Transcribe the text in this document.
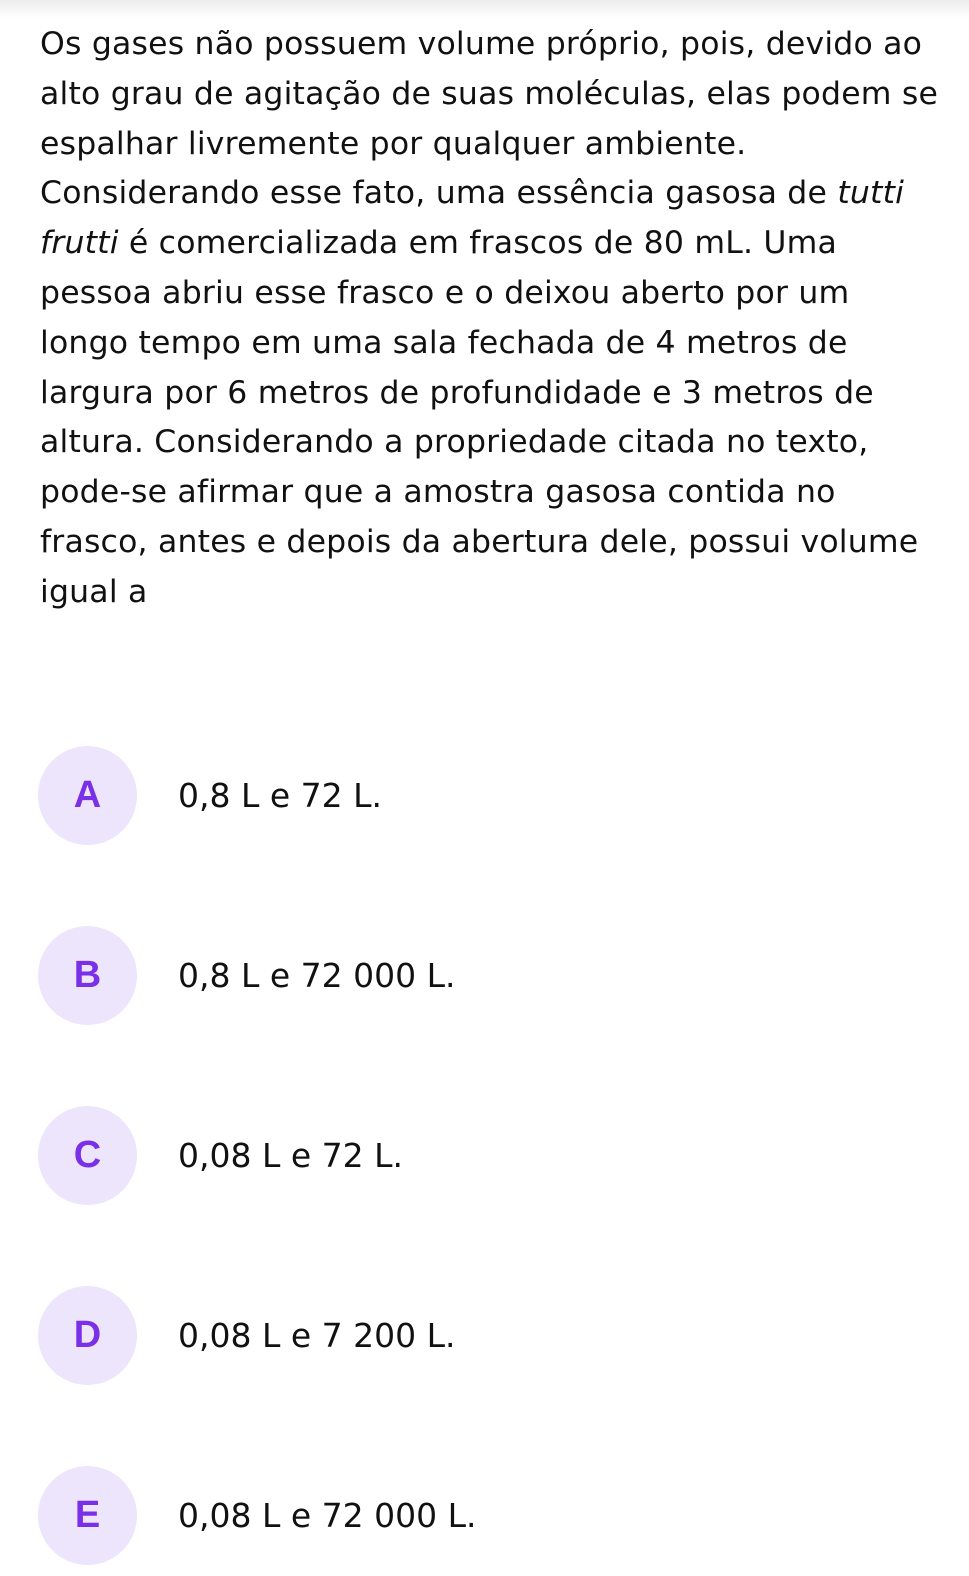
Os gases não possuem volume próprio, pois, devido ao alto grau de agitação de suas moléculas, elas podem se espalhar livremente por qualquer ambiente. Considerando esse fato, uma essência gasosa de tutti frutti é comercializada em frascos de 80 mL. Uma pessoa abriu esse frasco e o deixou aberto por um longo tempo em uma sala fechada de 4 metros de largura por 6 metros de profundidade e 3 metros de altura. Considerando a propriedade citada no texto, pode-se afirmar que a amostra gasosa contida no frasco, antes e depois da abertura dele, possui volume igual a
A	0,8 L e 72 L.
B	0,8 L e 72 000 L.
C	0,08 L e 72 L.
D	0,08 L e 7 200 L.
E	0,08 L e 72 000 L.
